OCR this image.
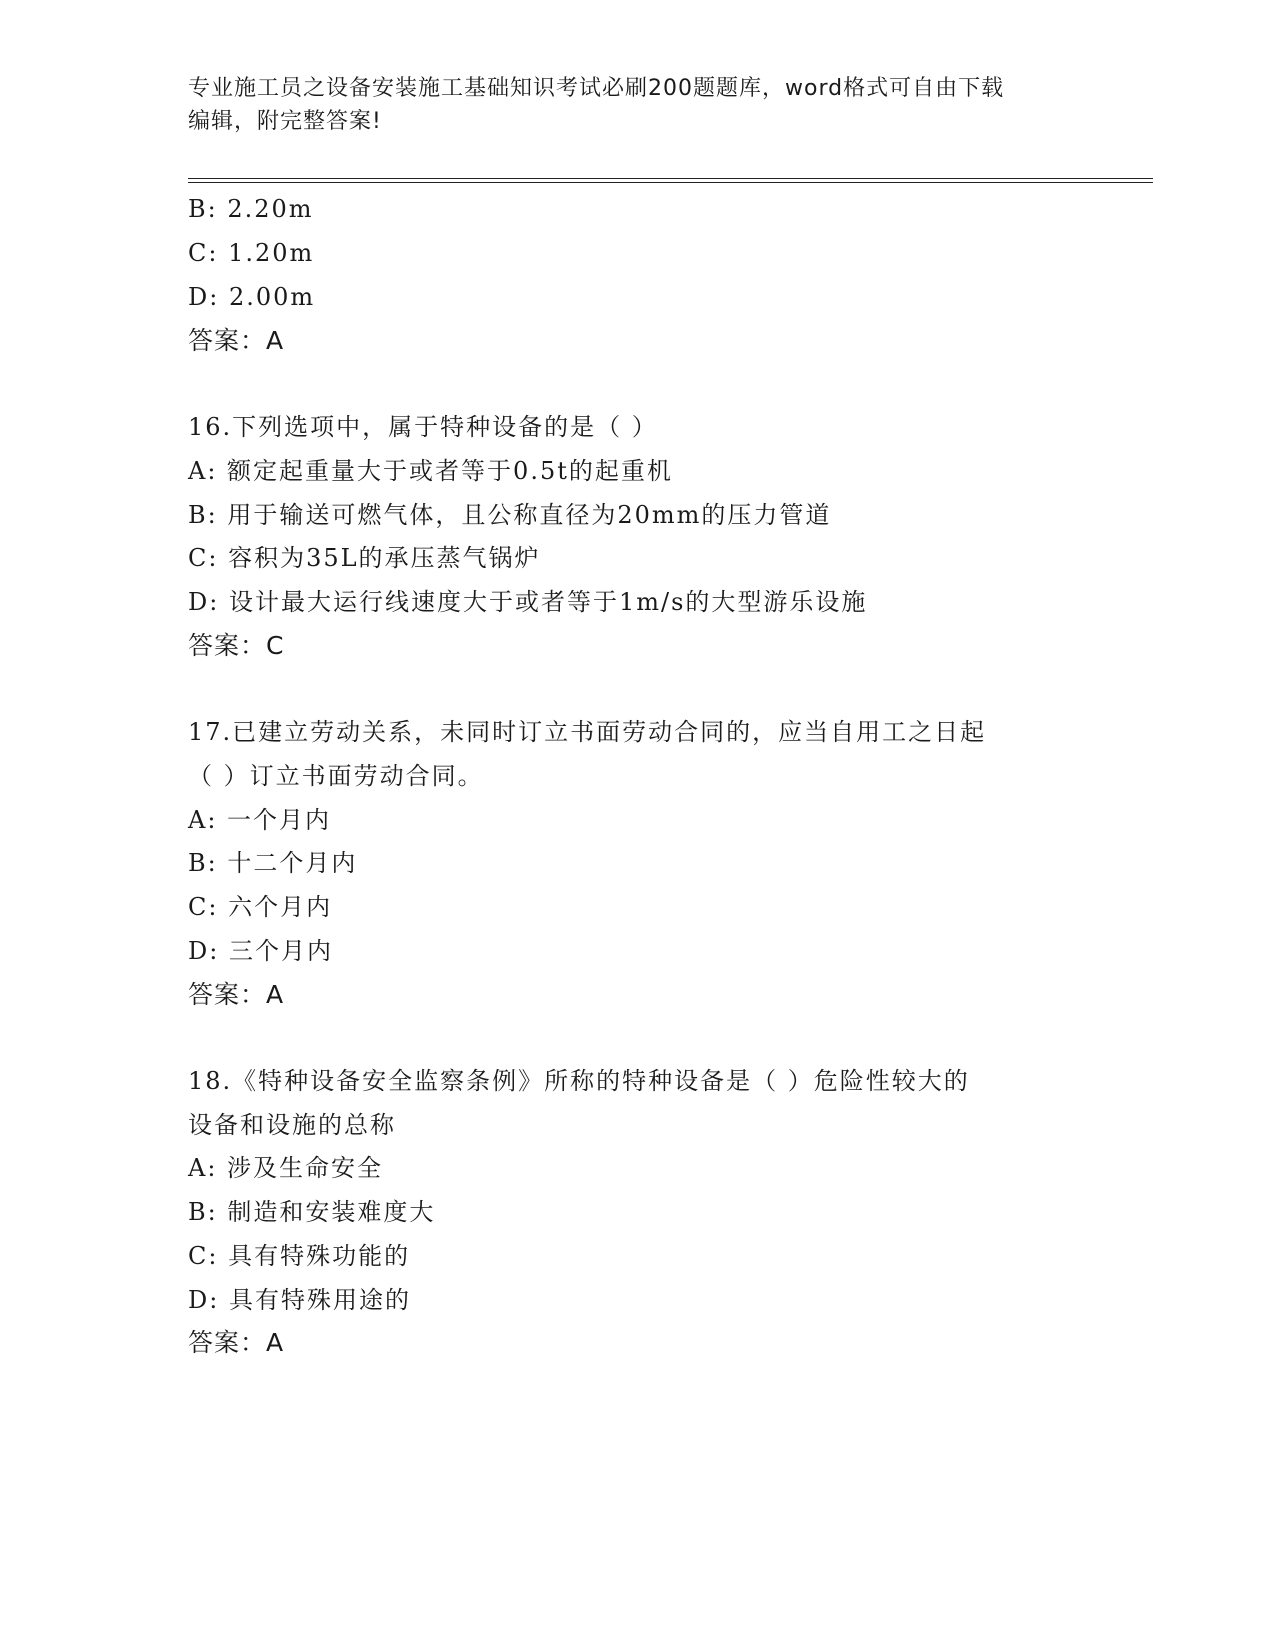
专业施工员之设备安装施工基础知识考试必刷200题题库，word格式可自由下载
编辑，附完整答案!
B: 2.20m
C: 1.20m
D: 2.00m
答案：A
16.下列选项中，属于特种设备的是（ ）
A: 额定起重量大于或者等于0.5t的起重机
B: 用于输送可燃气体，且公称直径为20mm的压力管道
C: 容积为35L的承压蒸气锅炉
D: 设计最大运行线速度大于或者等于1m/s的大型游乐设施
答案：C
17.已建立劳动关系，未同时订立书面劳动合同的，应当自用工之日起
（ ）订立书面劳动合同。
A: 一个月内
B: 十二个月内
C: 六个月内
D: 三个月内
答案：A
18.《特种设备安全监察条例》所称的特种设备是（ ）危险性较大的
设备和设施的总称
A: 涉及生命安全
B: 制造和安装难度大
C: 具有特殊功能的
D: 具有特殊用途的
答案：A
